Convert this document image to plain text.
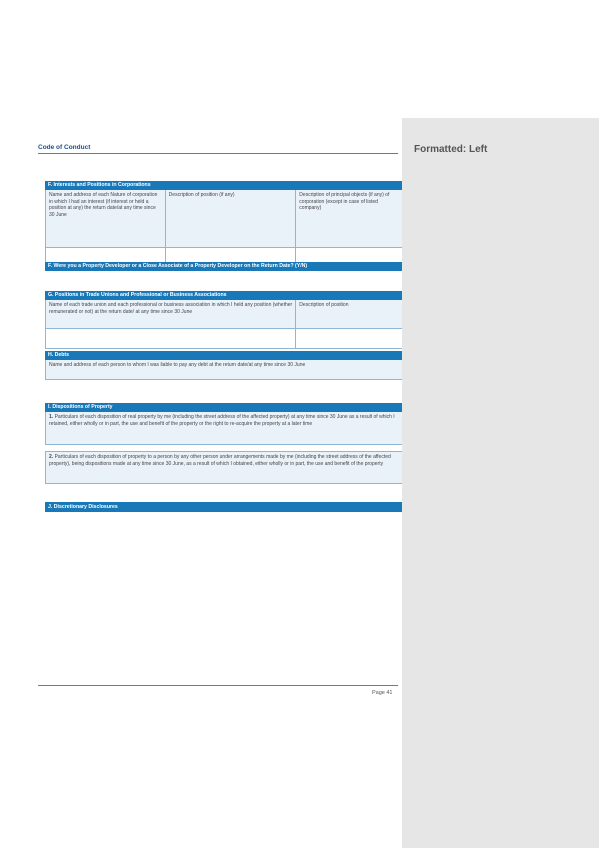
Code of Conduct
F. Interests and Positions in Corporations
Name and address of each Nature of corporation in which I had an interest (if interest or held a position at any) the return date/at any time since 30 June
Description of position (if any)	Description of principal objects (if any) of corporation (except in case of listed company)
F. Were you a Property Developer or a Close Associate of a Property Developer on the Return Date? (Y/N)
G. Positions in Trade Unions and Professional or Business Associations
Name of each trade union and each professional or business association in which I held any position (whether remunerated or not) at the return date/ at any time since 30 June
Description of position
H. Debts
Name and address of each person to whom I was liable to pay any debt at the return date/at any time since 30 June
I. Dispositions of Property
1. Particulars of each disposition of real property by me (including the street address of the affected property) at any time since 30 June as a result of which I retained, either wholly or in part, the use and benefit of the property or the right to re-acquire the property at a later time
2. Particulars of each disposition of property to a person by any other person under arrangements made by me (including the street address of the affected property), being dispositions made at any time since 30 June, as a result of which I obtained, either wholly or in part, the use and benefit of the property
J. Discretionary Disclosures
Page 41
Formatted: Left
